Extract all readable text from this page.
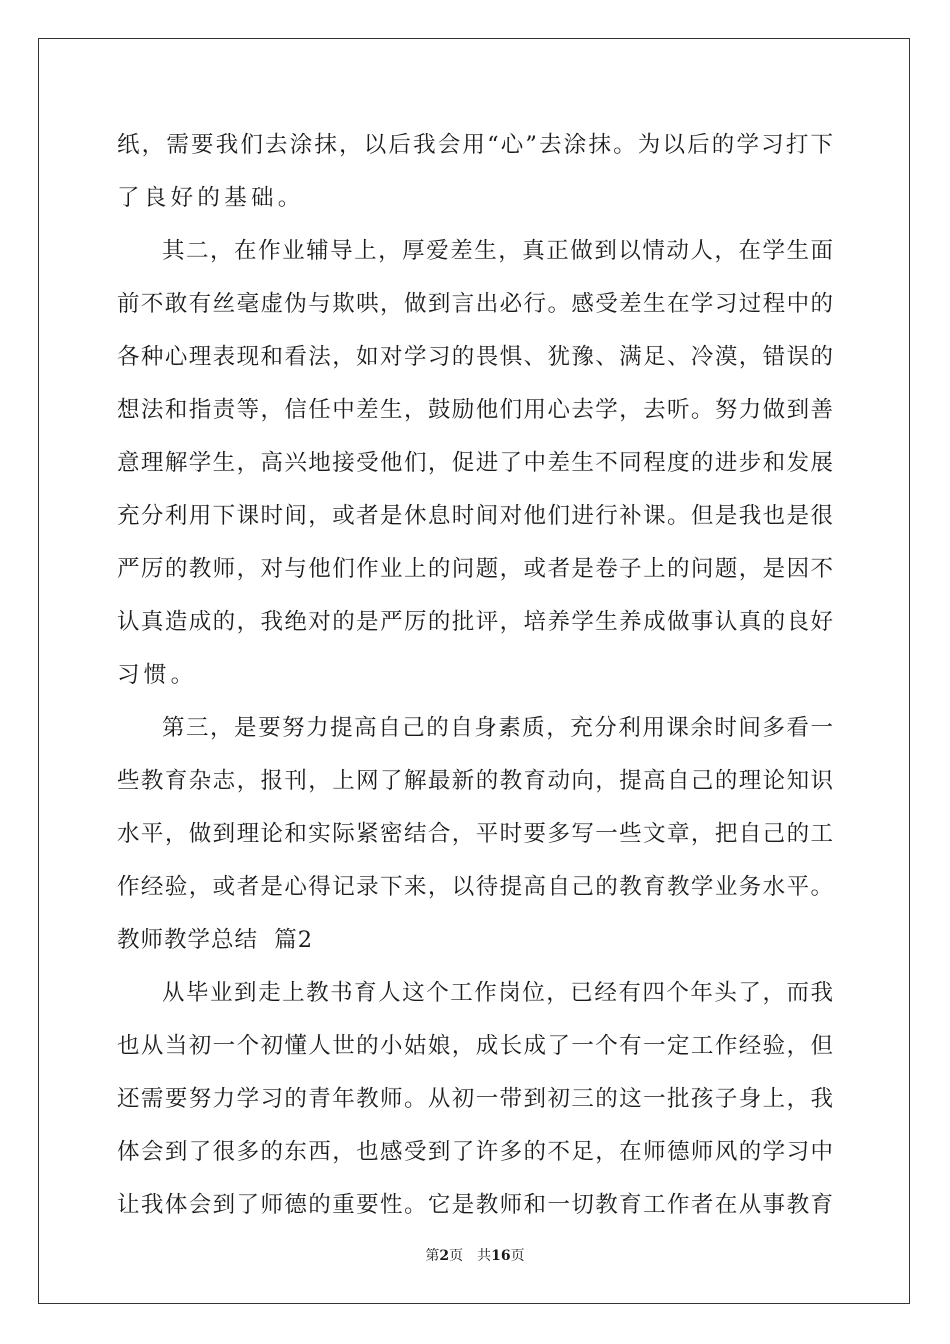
纸，需要我们去涂抹，以后我会用“心”去涂抹。为以后的学习打下
了良好的基础。
其二，在作业辅导上，厚爱差生，真正做到以情动人，在学生面
前不敢有丝毫虚伪与欺哄，做到言出必行。感受差生在学习过程中的
各种心理表现和看法，如对学习的畏惧、犹豫、满足、冷漠，错误的
想法和指责等，信任中差生，鼓励他们用心去学，去听。努力做到善
意理解学生，高兴地接受他们，促进了中差生不同程度的进步和发展
充分利用下课时间，或者是休息时间对他们进行补课。但是我也是很
严厉的教师，对与他们作业上的问题，或者是卷子上的问题，是因不
认真造成的，我绝对的是严厉的批评，培养学生养成做事认真的良好
习惯。
第三，是要努力提高自己的自身素质，充分利用课余时间多看一
些教育杂志，报刊，上网了解最新的教育动向，提高自己的理论知识
水平，做到理论和实际紧密结合，平时要多写一些文章，把自己的工
作经验，或者是心得记录下来，以待提高自己的教育教学业务水平。
教师教学总结  篇2
从毕业到走上教书育人这个工作岗位，已经有四个年头了，而我
也从当初一个初懂人世的小姑娘，成长成了一个有一定工作经验，但
还需要努力学习的青年教师。从初一带到初三的这一批孩子身上，我
体会到了很多的东西，也感受到了许多的不足，在师德师风的学习中
让我体会到了师德的重要性。它是教师和一切教育工作者在从事教育
第2页 共16页
